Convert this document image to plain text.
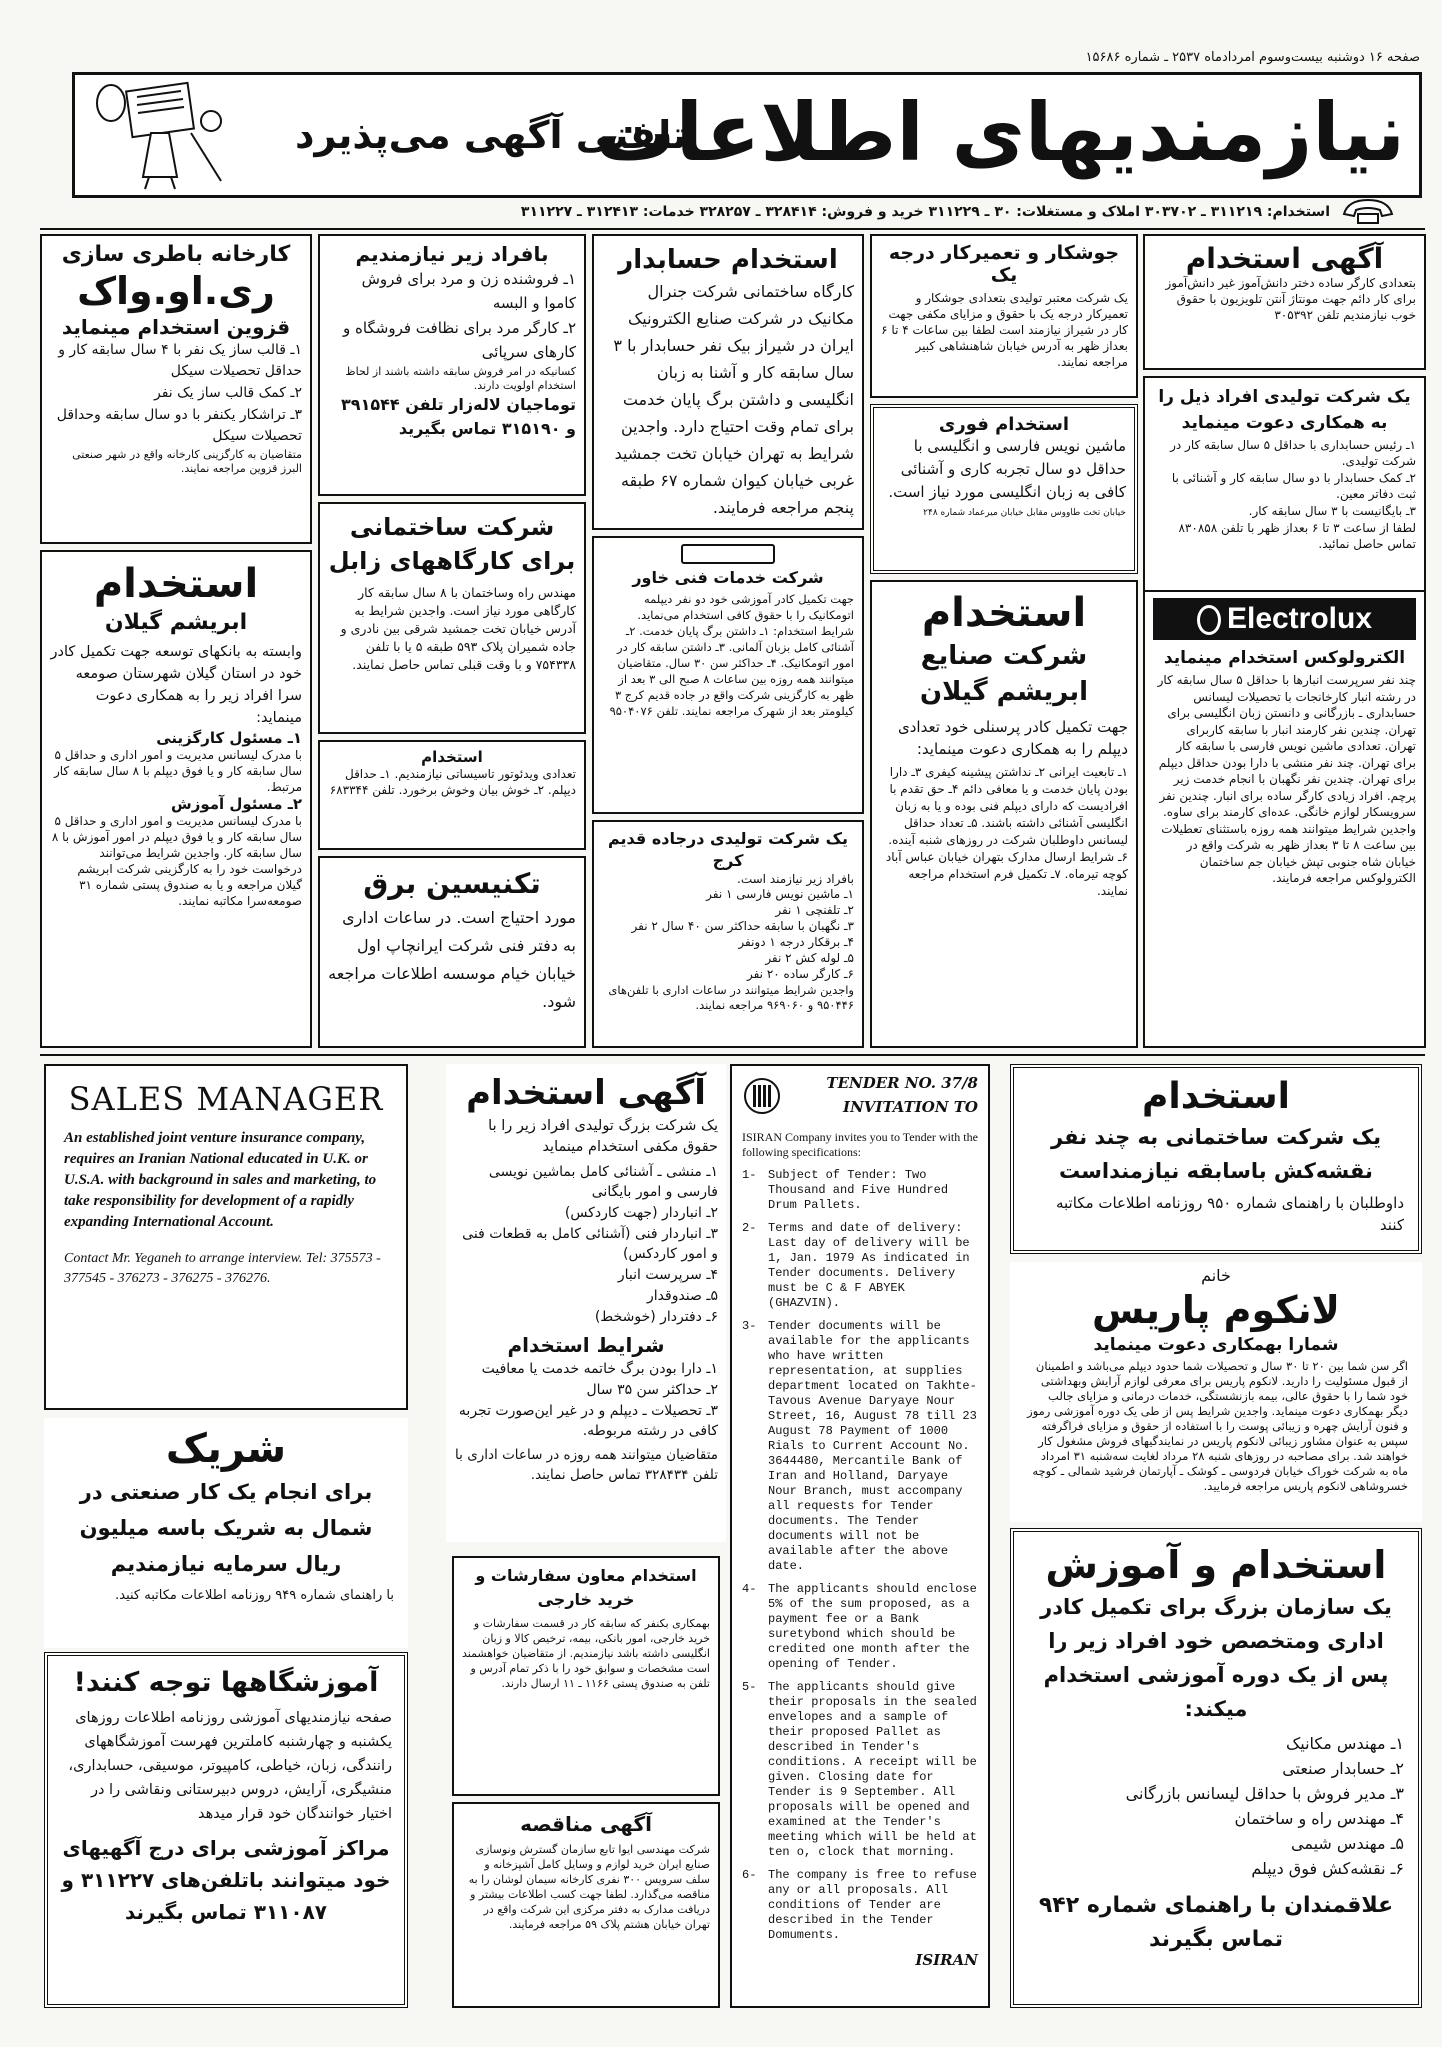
صفحه ۱۶ دوشنبه بیست‌وسوم امردادماه ۲۵۳۷ ـ شماره ۱۵۶۸۶
نیازمندیهای اطلاعات
تلفنی آگهی می‌پذیرد
استخدام: ۳۱۱۲۱۹ ـ ۳۰۳۷۰۲ املاک و مستغلات: ۳۰ ـ ۳۱۱۲۲۹ خرید و فروش: ۳۲۸۴۱۴ ـ ۳۲۸۲۵۷ خدمات: ۳۱۲۴۱۳ ـ ۳۱۱۲۲۷
آگهی استخدام

بتعدادی کارگر ساده دختر دانش‌آموز غیر دانش‌آموز برای کار دائم جهت مونتاژ آنتن تلویزیون با حقوق خوب نیازمندیم تلفن ۳۰۵۳۹۲

یک شرکت تولیدی افراد ذیل را به همکاری دعوت مینماید

۱ـ رئیس حسابداری با حداقل ۵ سال سابقه کار در شرکت تولیدی.

۲ـ کمک حسابدار با دو سال سابقه کار و آشنائی با ثبت دفاتر معین.

۳ـ بایگانیست با ۳ سال سابقه کار.

لطفا از ساعت ۳ تا ۶ بعداز ظهر با تلفن ۸۳۰۸۵۸ تماس حاصل نمائید.

Electrolux
الکترولوکس استخدام مینماید

چند نفر سرپرست انبارها با حداقل ۵ سال سابقه کار در رشته انبار کارخانجات با تحصیلات لیسانس حسابداری ـ بازرگانی و دانستن زبان انگلیسی برای تهران. چندین نفر کارمند انبار با سابقه کاربرای تهران. تعدادی ماشین نویس فارسی با سابقه کار برای تهران. چند نفر منشی با دارا بودن حداقل دیپلم برای تهران. چندین نفر نگهبان با انجام خدمت زیر پرچم. افراد زیادی کارگر ساده برای انبار. چندین نفر سرویسکار لوازم خانگی. عده‌ای کارمند برای ساوه. واجدین شرایط میتوانند همه روزه باستثنای تعطیلات بین ساعت ۸ تا ۳ بعداز ظهر به شرکت واقع در خیابان شاه جنوبی تپش خیابان جم ساختمان الکترولوکس مراجعه فرمایند.

جوشکار و تعمیرکار درجه یک

یک شرکت معتبر تولیدی بتعدادی جوشکار و تعمیرکار درجه یک با حقوق و مزایای مکفی جهت کار در شیراز نیازمند است لطفا بین ساعات ۴ تا ۶ بعداز ظهر به آدرس خیابان شاهنشاهی کبیر مراجعه نمایند.

استخدام فوری

ماشین نویس فارسی و انگلیسی با حداقل دو سال تجربه کاری و آشنائی کافی به زبان انگلیسی مورد نیاز است.

خیابان تخت طاووس مقابل خیابان میرعماد شماره ۲۴۸

استخدام
شرکت صنایع ابریشم گیلان

جهت تکمیل کادر پرسنلی خود تعدادی دیپلم را به همکاری دعوت مینماید:

۱ـ تابعیت ایرانی ۲ـ نداشتن پیشینه کیفری ۳ـ دارا بودن پایان خدمت و یا معافی دائم ۴ـ حق تقدم با افرادیست که دارای دیپلم فنی بوده و یا به زبان انگلیسی آشنائی داشته باشند. ۵ـ تعداد حداقل لیسانس داوطلبان شرکت در روزهای شنبه آینده. ۶ـ شرایط ارسال مدارک بتهران خیابان عباس آباد کوچه تیرماه. ۷ـ تکمیل فرم استخدام مراجعه نمایند.

استخدام حسابدار

کارگاه ساختمانی شرکت جنرال مکانیک در شرکت صنایع الکترونیک ایران در شیراز بیک نفر حسابدار با ۳ سال سابقه کار و آشنا به زبان انگلیسی و داشتن برگ پایان خدمت برای تمام وقت احتیاج دارد. واجدین شرایط به تهران خیابان تخت جمشید غربی خیابان کیوان شماره ۶۷ طبقه پنجم مراجعه فرمایند.

شرکت خدمات فنی خاور

جهت تکمیل کادر آموزشی خود دو نفر دیپلمه اتومکانیک را با حقوق کافی استخدام می‌نماید. شرایط استخدام: ۱ـ داشتن برگ پایان خدمت. ۲ـ آشنائی کامل بزبان آلمانی. ۳ـ داشتن سابقه کار در امور اتومکانیک. ۴ـ حداکثر سن ۳۰ سال. متقاضیان میتوانند همه روزه بین ساعات ۸ صبح الی ۳ بعد از ظهر به کارگزینی شرکت واقع در جاده قدیم کرج ۳ کیلومتر بعد از شهرک مراجعه نمایند. تلفن ۹۵۰۴۰۷۶

یک شرکت تولیدی درجاده قدیم کرج

بافراد زیر نیازمند است.

۱ـ ماشین نویس فارسی ۱ نفر

۲ـ تلفنچی ۱ نفر

۳ـ نگهبان با سابقه حداکثر سن ۴۰ سال ۲ نفر

۴ـ برقکار درجه ۱ دونفر

۵ـ لوله کش ۲ نفر

۶ـ کارگر ساده ۲۰ نفر

واجدین شرایط میتوانند در ساعات اداری با تلفن‌های ۹۵۰۴۴۶ و ۹۶۹۰۶۰ مراجعه نمایند.

بافراد زیر نیازمندیم

۱ـ فروشنده زن و مرد برای فروش کاموا و البسه

۲ـ کارگر مرد برای نظافت فروشگاه و کارهای سرپائی

کسانیکه در امر فروش سابقه داشته باشند از لحاظ استخدام اولویت دارند.

توماجیان لاله‌زار تلفن ۳۹۱۵۴۴ و ۳۱۵۱۹۰ تماس بگیرید

شرکت ساختمانی برای کارگاههای زابل

مهندس راه وساختمان با ۸ سال سابقه کار کارگاهی مورد نیاز است. واجدین شرایط به آدرس خیابان تخت جمشید شرقی بین نادری و جاده شمیران پلاک ۵۹۳ طبقه ۵ یا با تلفن ۷۵۴۳۳۸ و با وقت قبلی تماس حاصل نمایند.

استخدام

تعدادی ویدئوتور تاسیساتی نیازمندیم. ۱ـ حداقل دیپلم. ۲ـ خوش بیان وخوش برخورد. تلفن ۶۸۳۳۴۴

تکنیسین برق

مورد احتیاج است. در ساعات اداری به دفتر فنی شرکت ایرانچاپ اول خیابان خیام موسسه اطلاعات مراجعه شود.

کارخانه باطری سازی
ری.او.واک
قزوین استخدام مینماید

۱ـ قالب ساز یک نفر با ۴ سال سابقه کار و حداقل تحصیلات سیکل

۲ـ کمک قالب ساز یک نفر

۳ـ تراشکار یکنفر با دو سال سابقه وحداقل تحصیلات سیکل

متقاضیان به کارگزینی کارخانه واقع در شهر صنعتی البرز قزوین مراجعه نمایند.

استخدام
ابریشم گیلان

وابسته به بانکهای توسعه جهت تکمیل کادر خود در استان گیلان شهرستان صومعه سرا افراد زیر را به همکاری دعوت مینماید:

۱ـ مسئول کارگزینی

با مدرک لیسانس مدیریت و امور اداری و حداقل ۵ سال سابقه کار و یا فوق دیپلم با ۸ سال سابقه کار مرتبط.

۲ـ مسئول آموزش

با مدرک لیسانس مدیریت و امور اداری و حداقل ۵ سال سابقه کار و یا فوق دیپلم در امور آموزش با ۸ سال سابقه کار. واجدین شرایط می‌توانند درخواست خود را به کارگزینی شرکت ابریشم گیلان مراجعه و یا به صندوق پستی شماره ۳۱ صومعه‌سرا مکاتبه نمایند.

SALES MANAGER

An established joint venture insurance company, requires an Iranian National educated in U.K. or U.S.A. with background in sales and marketing, to take responsibility for development of a rapidly expanding International Account.

Contact Mr. Yeganeh to arrange interview. Tel: 375573 - 377545 - 376273 - 376275 - 376276.

شریک

برای انجام یک کار صنعتی در شمال به شریک باسه میلیون ریال سرمایه نیازمندیم

با راهنمای شماره ۹۴۹ روزنامه اطلاعات مکاتبه کنید.

آموزشگاهها توجه کنند!

صفحه نیازمندیهای آموزشی روزنامه اطلاعات روزهای یکشنبه و چهارشنبه کاملترین فهرست آموزشگاههای رانندگی، زبان، خیاطی، کامپیوتر، موسیقی، حسابداری، منشیگری، آرایش، دروس دبیرستانی ونقاشی را در اختیار خوانندگان خود قرار میدهد

مراکز آموزشی برای درج آگهیهای خود میتوانند باتلفن‌های ۳۱۱۲۲۷ و ۳۱۱۰۸۷ تماس بگیرند

آگهی استخدام

یک شرکت بزرگ تولیدی افراد زیر را با حقوق مکفی استخدام مینماید

۱ـ منشی ـ آشنائی کامل بماشین نویسی فارسی و امور بایگانی

۲ـ انباردار (جهت کاردکس)

۳ـ انباردار فنی (آشنائی کامل به قطعات فنی و امور کاردکس)

۴ـ سرپرست انبار

۵ـ صندوقدار

۶ـ دفتردار (خوشخط)

شرایط استخدام

۱ـ دارا بودن برگ خاتمه خدمت یا معافیت

۲ـ حداکثر سن ۳۵ سال

۳ـ تحصیلات ـ دیپلم و در غیر این‌صورت تجربه کافی در رشته مربوطه.

متقاضیان میتوانند همه روزه در ساعات اداری با تلفن ۳۲۸۴۳۴ تماس حاصل نمایند.

استخدام معاون سفارشات و خرید خارجی

بهمکاری بکنفر که سابقه کار در قسمت سفارشات و خرید خارجی، امور بانکی، بیمه، ترخیص کالا و زبان انگلیسی داشته باشد نیازمندیم. از متقاضیان خواهشمند است مشخصات و سوابق خود را با ذکر تمام آدرس و تلفن به صندوق پستی ۱۱۶۶ ـ ۱۱ ارسال دارند.

آگهی مناقصه

شرکت مهندسی ایوا تابع سازمان گسترش ونوسازی صنایع ایران خرید لوازم و وسایل کامل آشپزخانه و سلف سرویس ۳۰۰ نفری کارخانه سیمان لوشان را به مناقصه می‌گذارد. لطفا جهت کسب اطلاعات بیشتر و دریافت مدارک به دفتر مرکزی این شرکت واقع در تهران خیابان هشتم پلاک ۵۹ مراجعه فرمایند.

TENDER NO. 37/8
INVITATION TO

ISIRAN Company invites you to Tender with the following specifications:

1- Subject of Tender: Two Thousand and Five Hundred Drum Pallets.
2- Terms and date of delivery: Last day of delivery will be 1, Jan. 1979 As indicated in Tender documents. Delivery must be C & F ABYEK (GHAZVIN).
3- Tender documents will be available for the applicants who have written representation, at supplies department located on Takhte-Tavous Avenue Daryaye Nour Street, 16, August 78 till 23 August 78 Payment of 1000 Rials to Current Account No. 3644480, Mercantile Bank of Iran and Holland, Daryaye Nour Branch, must accompany all requests for Tender documents. The Tender documents will not be available after the above date.
4- The applicants should enclose 5% of the sum proposed, as a payment fee or a Bank suretybond which should be credited one month after the opening of Tender.
5- The applicants should give their proposals in the sealed envelopes and a sample of their proposed Pallet as described in Tender's conditions. A receipt will be given. Closing date for Tender is 9 September. All proposals will be opened and examined at the Tender's meeting which will be held at ten o, clock that morning.
6- The company is free to refuse any or all proposals. All conditions of Tender are described in the Tender Domuments.
ISIRAN
استخدام

یک شرکت ساختمانی به چند نفر نقشه‌کش باسابقه نیازمنداست

داوطلبان با راهنمای شماره ۹۵۰ روزنامه اطلاعات مکاتبه کنند

خانم
لانکوم پاریس
شمارا بهمکاری دعوت مینماید

اگر سن شما بین ۲۰ تا ۳۰ سال و تحصیلات شما حدود دیپلم می‌باشد و اطمینان از قبول مسئولیت را دارید. لانکوم پاریس برای معرفی لوازم آرایش وبهداشتی خود شما را با حقوق عالی، بیمه بازنشستگی، خدمات درمانی و مزایای جالب دیگر بهمکاری دعوت مینماید. واجدین شرایط پس از طی یک دوره آموزشی رموز و فنون آرایش چهره و زیبائی پوست را با استفاده از حقوق و مزایای فراگرفته سپس به عنوان مشاور زیبائی لانکوم پاریس در نمایندگیهای فروش مشغول کار خواهند شد. برای مصاحبه در روزهای شنبه ۲۸ مرداد لغایت سه‌شنبه ۳۱ امرداد ماه به شرکت خوراک خیابان فردوسی ـ کوشک ـ آپارتمان فرشید شمالی ـ کوچه خسروشاهی لانکوم پاریس مراجعه فرمایید.

استخدام و آموزش

یک سازمان بزرگ برای تکمیل کادر اداری ومتخصص خود افراد زیر را پس از یک دوره آموزشی استخدام میکند:

۱ـ مهندس مکانیک

۲ـ حسابدار صنعتی

۳ـ مدیر فروش با حداقل لیسانس بازرگانی

۴ـ مهندس راه و ساختمان

۵ـ مهندس شیمی

۶ـ نقشه‌کش فوق دیپلم

علاقمندان با راهنمای شماره ۹۴۲ تماس بگیرند
